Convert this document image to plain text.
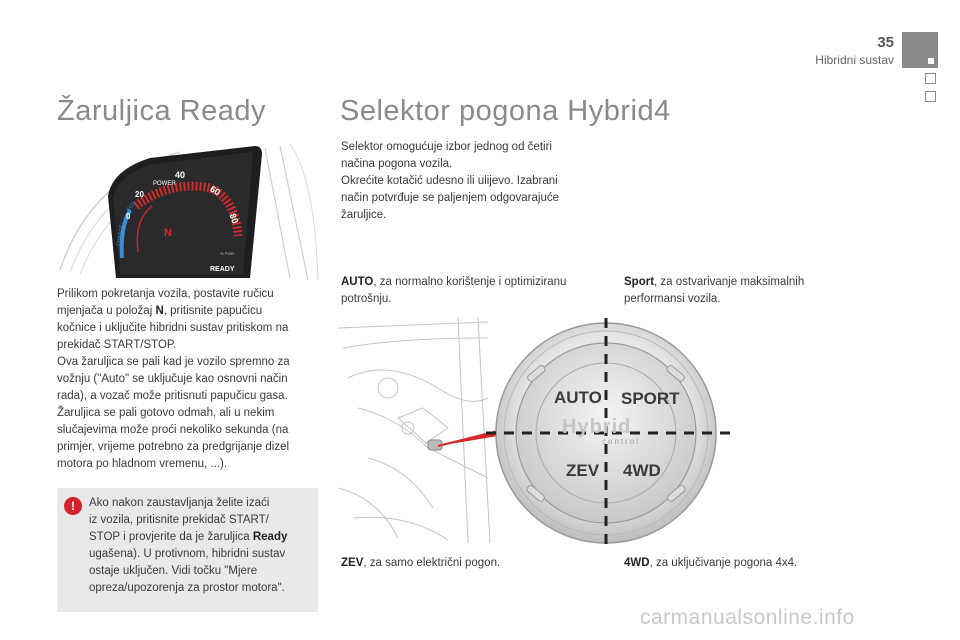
35
Hibridni sustav
Žaruljica Ready
0
20
POWER
40
60
80
CHARGE
ECO
N
% PWR
READY
Prilikom pokretanja vozila, postavite ručicu
mjenjača u položaj N, pritisnite papučicu
kočnice i uključite hibridni sustav pritiskom na
prekidač START/STOP.
Ova žaruljica se pali kad je vozilo spremno za
vožnju ("Auto" se uključuje kao osnovni način
rada), a vozač može pritisnuti papučicu gasa.
Žaruljica se pali gotovo odmah, ali u nekim
slučajevima može proći nekoliko sekunda (na
primjer, vrijeme potrebno za predgrijanje dizel
motora po hladnom vremenu, ...).
!	Ako nakon zaustavljanja želite izaći
iz vozila, pritisnite prekidač START/
STOP i provjerite da je žaruljica Ready
ugašena). U protivnom, hibridni sustav
ostaje uključen. Vidi točku "Mjere
opreza/upozorenja za prostor motora".
Selektor pogona Hybrid4
Selektor omogućuje izbor jednog od četiri
načina pogona vozila.
Okrećite kotačić udesno ili ulijevo. Izabrani
način potvrđuje se paljenjem odgovarajuće
žaruljice.
AUTO, za normalno korištenje i optimiziranu
potrošnju.
Sport, za ostvarivanje maksimalnih
performansi vozila.
ZEV, za samo električni pogon.	4WD, za uključivanje pogona 4x4.
AUTO SPORT
Hybrid
control
ZEV 4WD
carmanualsonline.info
